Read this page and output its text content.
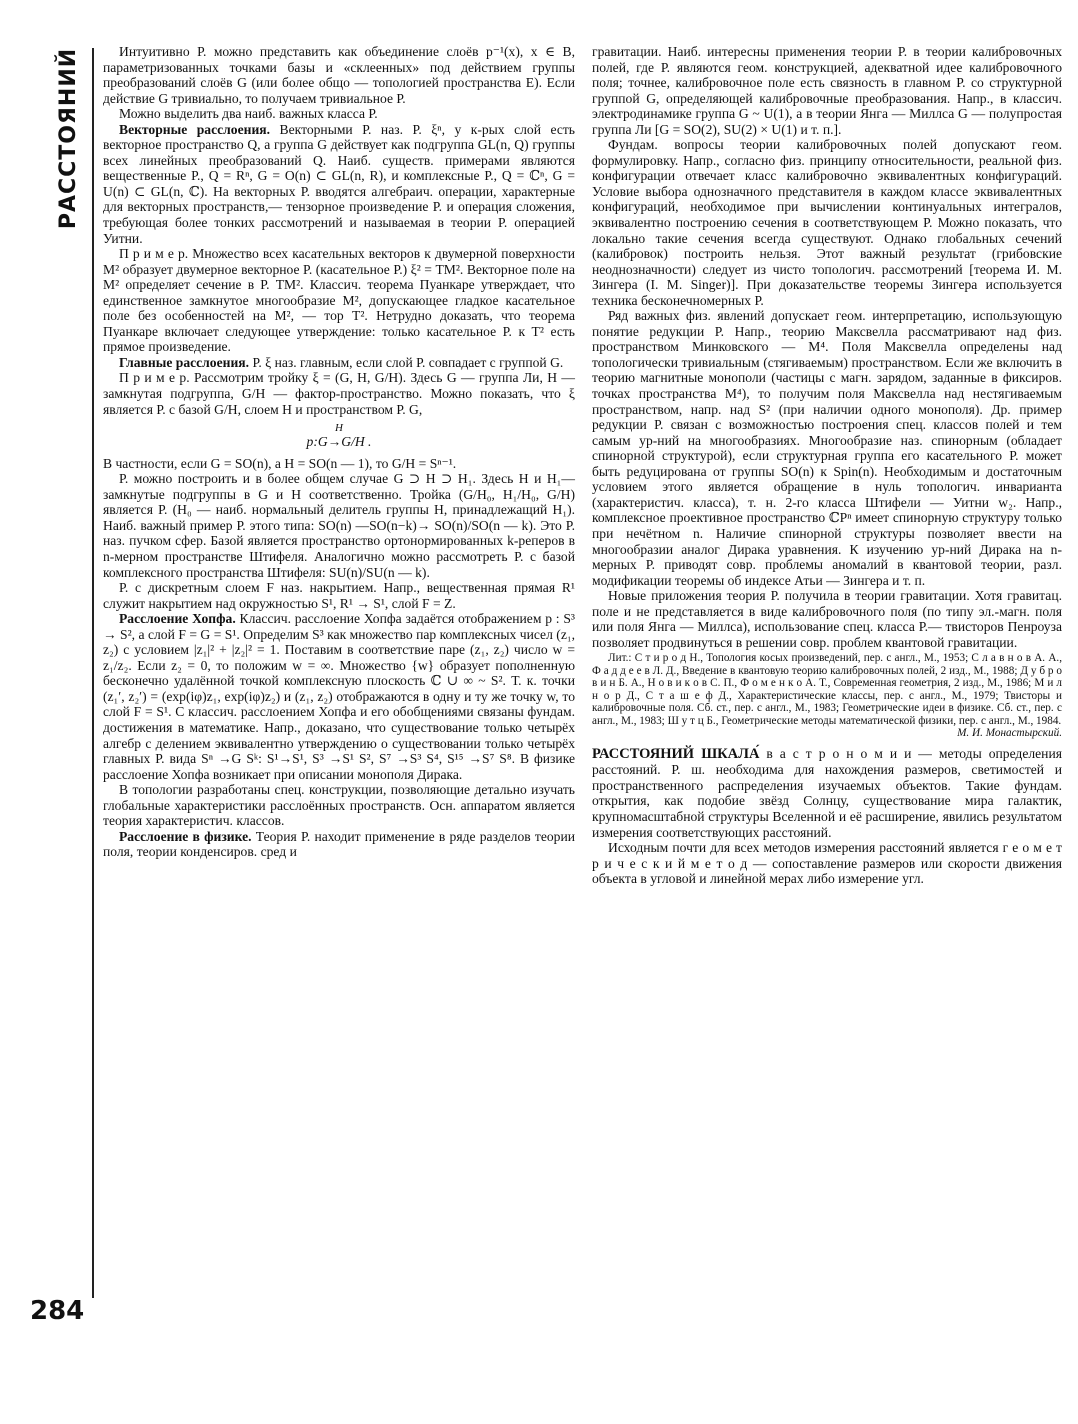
РАССТОЯНИЙ
284

Интуитивно Р. можно представить как объединение слоёв p⁻¹(x), x ∈ B, параметризованных точками базы и «склеенных» под действием группы преобразований слоёв G (или более общо — топологией пространства E). Если действие G тривиально, то получаем тривиальное Р.

Можно выделить два наиб. важных класса Р.

Векторные расслоения. Векторными Р. наз. Р. ξⁿ, у к-рых слой есть векторное пространство Q, а группа G действует как подгруппа GL(n, Q) группы всех линейных преобразований Q. Наиб. существ. примерами являются вещественные Р., Q = Rⁿ, G = O(n) ⊂ GL(n, R), и комплексные Р., Q = ℂⁿ, G = U(n) ⊂ GL(n, ℂ). На векторных Р. вводятся алгебраич. операции, характерные для векторных пространств,— тензорное произведение Р. и операция сложения, требующая более тонких рассмотрений и называемая в теории Р. операцией Уитни.

П р и м е р. Множество всех касательных векторов к двумерной поверхности M² образует двумерное векторное Р. (касательное Р.) ξ² = TM². Векторное поле на M² определяет сечение в Р. TM². Классич. теорема Пуанкаре утверждает, что единственное замкнутое многообразие M², допускающее гладкое касательное поле без особенностей на M², — тор T². Нетрудно доказать, что теорема Пуанкаре включает следующее утверждение: только касательное Р. к T² есть прямое произведение.

Главные расслоения. Р. ξ наз. главным, если слой Р. совпадает с группой G.

П р и м е р. Рассмотрим тройку ξ = (G, H, G/H). Здесь G — группа Ли, H — замкнутая подгруппа, G/H — фактор-пространство. Можно показать, что ξ является Р. с базой G/H, слоем H и пространством Р. G,

H
p:G→G/H .

В частности, если G = SO(n), а H = SO(n — 1), то G/H = Sⁿ⁻¹.

Р. можно построить и в более общем случае G ⊃ H ⊃ H₁. Здесь H и H₁— замкнутые подгруппы в G и H соответственно. Тройка (G/H₀, H₁/H₀, G/H) является Р. (H₀ — наиб. нормальный делитель группы H, принадлежащий H₁). Наиб. важный пример Р. этого типа: SO(n) —SO(n−k)→ SO(n)/SO(n — k). Это Р. наз. пучком сфер. Базой является пространство ортонормированных k-реперов в n-мерном пространстве Штифеля. Аналогично можно рассмотреть Р. с базой комплексного пространства Штифеля: SU(n)/SU(n — k).

Р. с дискретным слоем F наз. накрытием. Напр., вещественная прямая R¹ служит накрытием над окружностью S¹, R¹ → S¹, слой F = Z.

Расслоение Хопфа. Классич. расслоение Хопфа задаётся отображением p : S³ → S², а слой F = G = S¹. Определим S³ как множество пар комплексных чисел (z₁, z₂) с условием |z₁|² + |z₂|² = 1. Поставим в соответствие паре (z₁, z₂) число w = z₁/z₂. Если z₂ = 0, то положим w = ∞. Множество {w} образует пополненную бесконечно удалённой точкой комплексную плоскость ℂ ∪ ∞ ~ S². Т. к. точки (z₁′, z₂′) = (exp(iφ)z₁, exp(iφ)z₂) и (z₁, z₂) отображаются в одну и ту же точку w, то слой F = S¹. С классич. расслоением Хопфа и его обобщениями связаны фундам. достижения в математике. Напр., доказано, что существование только четырёх алгебр с делением эквивалентно утверждению о существовании только четырёх главных Р. вида Sⁿ →G Sᵏ: S¹→S¹, S³ →S¹ S², S⁷ →S³ S⁴, S¹⁵ →S⁷ S⁸. В физике расслоение Хопфа возникает при описании монополя Дирака.

В топологии разработаны спец. конструкции, позволяющие детально изучать глобальные характеристики расслоённых пространств. Осн. аппаратом является теория характеристич. классов.

Расслоение в физике. Теория Р. находит применение в ряде разделов теории поля, теории конденсиров. сред и

гравитации. Наиб. интересны применения теории Р. в теории калибровочных полей, где Р. являются геом. конструкцией, адекватной идее калибровочного поля; точнее, калибровочное поле есть связность в главном Р. со структурной группой G, определяющей калибровочные преобразования. Напр., в классич. электродинамике группа G ~ U(1), а в теории Янга — Миллса G — полупростая группа Ли [G = SO(2), SU(2) × U(1) и т. п.].

Фундам. вопросы теории калибровочных полей допускают геом. формулировку. Напр., согласно физ. принципу относительности, реальной физ. конфигурации отвечает класс калибровочно эквивалентных конфигураций. Условие выбора однозначного представителя в каждом классе эквивалентных конфигураций, необходимое при вычислении континуальных интегралов, эквивалентно построению сечения в соответствующем Р. Можно показать, что локально такие сечения всегда существуют. Однако глобальных сечений (калибровок) построить нельзя. Этот важный результат (грибовские неоднозначности) следует из чисто топологич. рассмотрений [теорема И. М. Зингера (I. M. Singer)]. При доказательстве теоремы Зингера используется техника бесконечномерных Р.

Ряд важных физ. явлений допускает геом. интерпретацию, использующую понятие редукции Р. Напр., теорию Максвелла рассматривают над физ. пространством Минковского — M⁴. Поля Максвелла определены над топологически тривиальным (стягиваемым) пространством. Если же включить в теорию магнитные монополи (частицы с магн. зарядом, заданные в фиксиров. точках пространства M⁴), то получим поля Максвелла над нестягиваемым пространством, напр. над S² (при наличии одного монополя). Др. пример редукции Р. связан с возможностью построения спец. классов полей и тем самым ур-ний на многообразиях. Многообразие наз. спинорным (обладает спинорной структурой), если структурная группа его касательного Р. может быть редуцирована от группы SO(n) к Spin(n). Необходимым и достаточным условием этого является обращение в нуль топологич. инварианта (характеристич. класса), т. н. 2-го класса Штифели — Уитни w₂. Напр., комплексное проективное пространство ℂPⁿ имеет спинорную структуру только при нечётном n. Наличие спинорной структуры позволяет ввести на многообразии аналог Дирака уравнения. К изучению ур-ний Дирака на n-мерных Р. приводят совр. проблемы аномалий в квантовой теории, разл. модификации теоремы об индексе Атьи — Зингера и т. п.

Новые приложения теория Р. получила в теории гравитации. Хотя гравитац. поле и не представляется в виде калибровочного поля (по типу эл.-магн. поля или поля Янга — Миллса), использование спец. класса Р.— твисторов Пенроуза позволяет продвинуться в решении совр. проблем квантовой гравитации.

Лит.: С т и р о д Н., Топология косых произведений, пер. с англ., М., 1953; С л а в н о в А. А., Ф а д д е е в Л. Д., Введение в квантовую теорию калибровочных полей, 2 изд., М., 1988; Д у б р о в и н Б. А., Н о в и к о в С. П., Ф о м е н к о А. Т., Современная геометрия, 2 изд., М., 1986; М и л н о р Д., С т а ш е ф Д., Характеристические классы, пер. с англ., М., 1979; Твисторы и калибровочные поля. Сб. ст., пер. с англ., М., 1983; Геометрические идеи в физике. Сб. ст., пер. с англ., М., 1983; Ш у т ц Б., Геометрические методы математической физики, пер. с англ., М., 1984.
М. И. Монастырский.

РАССТОЯНИЙ ШКАЛА́ в а с т р о н о м и и — методы определения расстояний. Р. ш. необходима для нахождения размеров, светимостей и пространственного распределения изучаемых объектов. Такие фундам. открытия, как подобие звёзд Солнцу, существование мира галактик, крупномасштабной структуры Вселенной и её расширение, явились результатом измерения соответствующих расстояний.

Исходным почти для всех методов измерения расстояний является г е о м е т р и ч е с к и й м е т о д — сопоставление размеров или скорости движения объекта в угловой и линейной мерах либо измерение угл.
